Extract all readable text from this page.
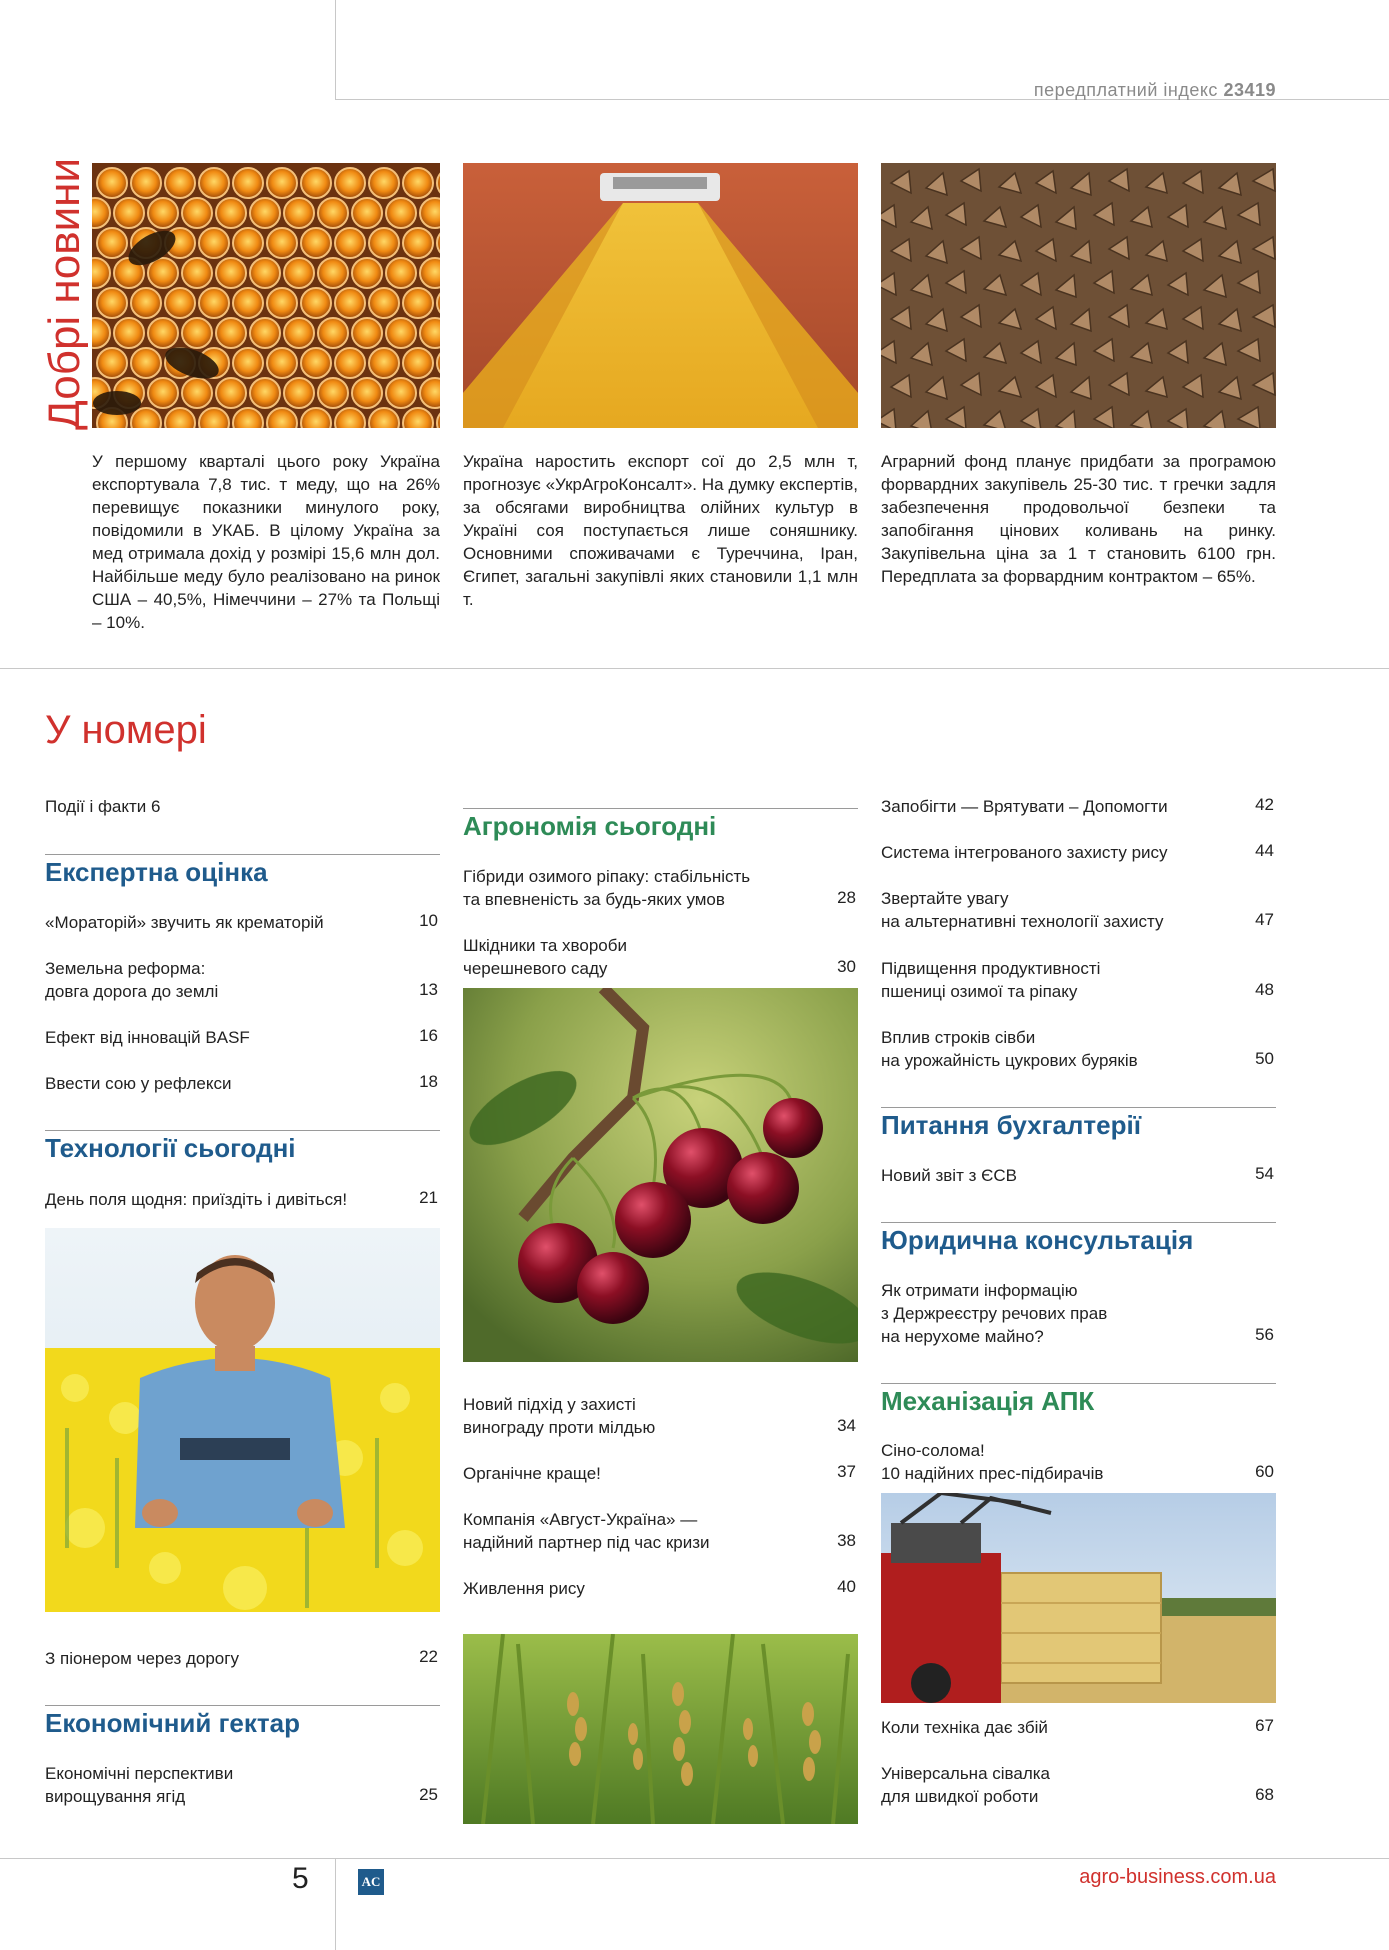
передплатний індекс 23419
Добрі новини
У першому кварталі цього року Україна експортувала 7,8 тис. т меду, що на 26% перевищує показники минулого року, повідомили в УКАБ. В цілому Україна за мед отримала дохід у розмірі 15,6 млн дол. Найбільше меду було реалізовано на ринок США – 40,5%, Німеччини – 27% та Польщі – 10%.
Україна наростить експорт сої до 2,5 млн т, прогнозує «УкрАгроКонсалт». На думку експертів, за обсягами виробництва олійних культур в Україні соя поступається лише соняшнику. Основними споживачами є Туреччина, Іран, Єгипет, загальні закупівлі яких становили 1,1 млн т.
Аграрний фонд планує придбати за програмою форвардних закупівель 25-30 тис. т гречки задля забезпечення продовольчої безпеки та запобігання цінових коливань на ринку. Закупівельна ціна за 1 т становить 6100 грн. Передплата за форвардним контрактом – 65%.
У номері
Події і факти 6
Експертна оцінка
«Мораторій» звучить як крематорій	10
Земельна реформа:
довга дорога до землі	13
Ефект від інновацій BASF	16
Ввести сою у рефлекси	18
Технології сьогодні
День поля щодня: приїздіть і дивіться!	21
З піонером через дорогу	22
Економічний гектар
Економічні перспективи
вирощування ягід	25
Агрономія сьогодні
Гібриди озимого ріпаку: стабільність
та впевненість за будь-яких умов	28
Шкідники та хвороби
черешневого саду	30
Новий підхід у захисті
винограду проти мілдью	34
Органічне краще!	37
Компанія «Август-Україна» —
надійний партнер під час кризи	38
Живлення рису	40
Запобігти — Врятувати – Допомогти	42
Система інтегрованого захисту рису	44
Звертайте увагу
на альтернативні технології захисту	47
Підвищення продуктивності
пшениці озимої та ріпаку	48
Вплив строків сівби
на урожайність цукрових буряків	50
Питання бухгалтерії
Новий звіт з ЄСВ	54
Юридична консультація
Як отримати інформацію
з Держреєстру речових прав
на нерухоме майно?	56
Механізація АПК
Сіно-солома!
10 надійних прес-підбирачів	60
Коли техніка дає збій	67
Універсальна сівалка
для швидкої роботи	68
5	AC	agro-business.com.ua
